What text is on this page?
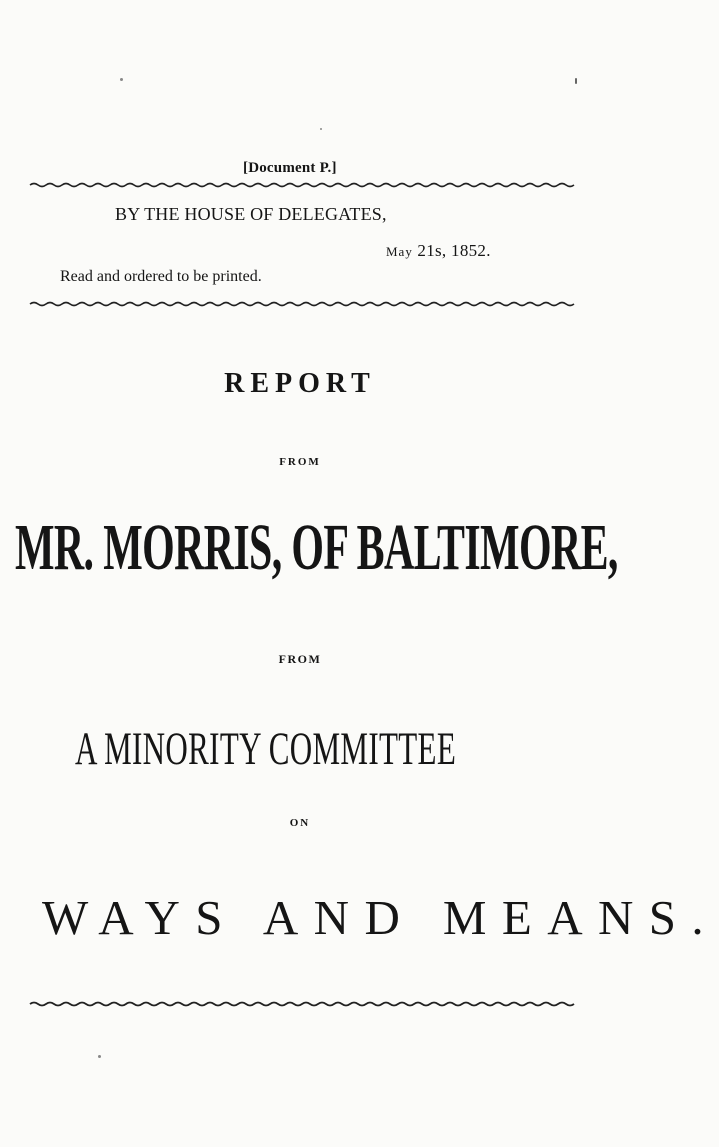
[Document P.]
BY THE HOUSE OF DELEGATES,
May 21s, 1852.
Read and ordered to be printed.
REPORT
FROM
MR. MORRIS, OF BALTIMORE,
FROM
A MINORITY COMMITTEE
ON
WAYS AND MEANS.
